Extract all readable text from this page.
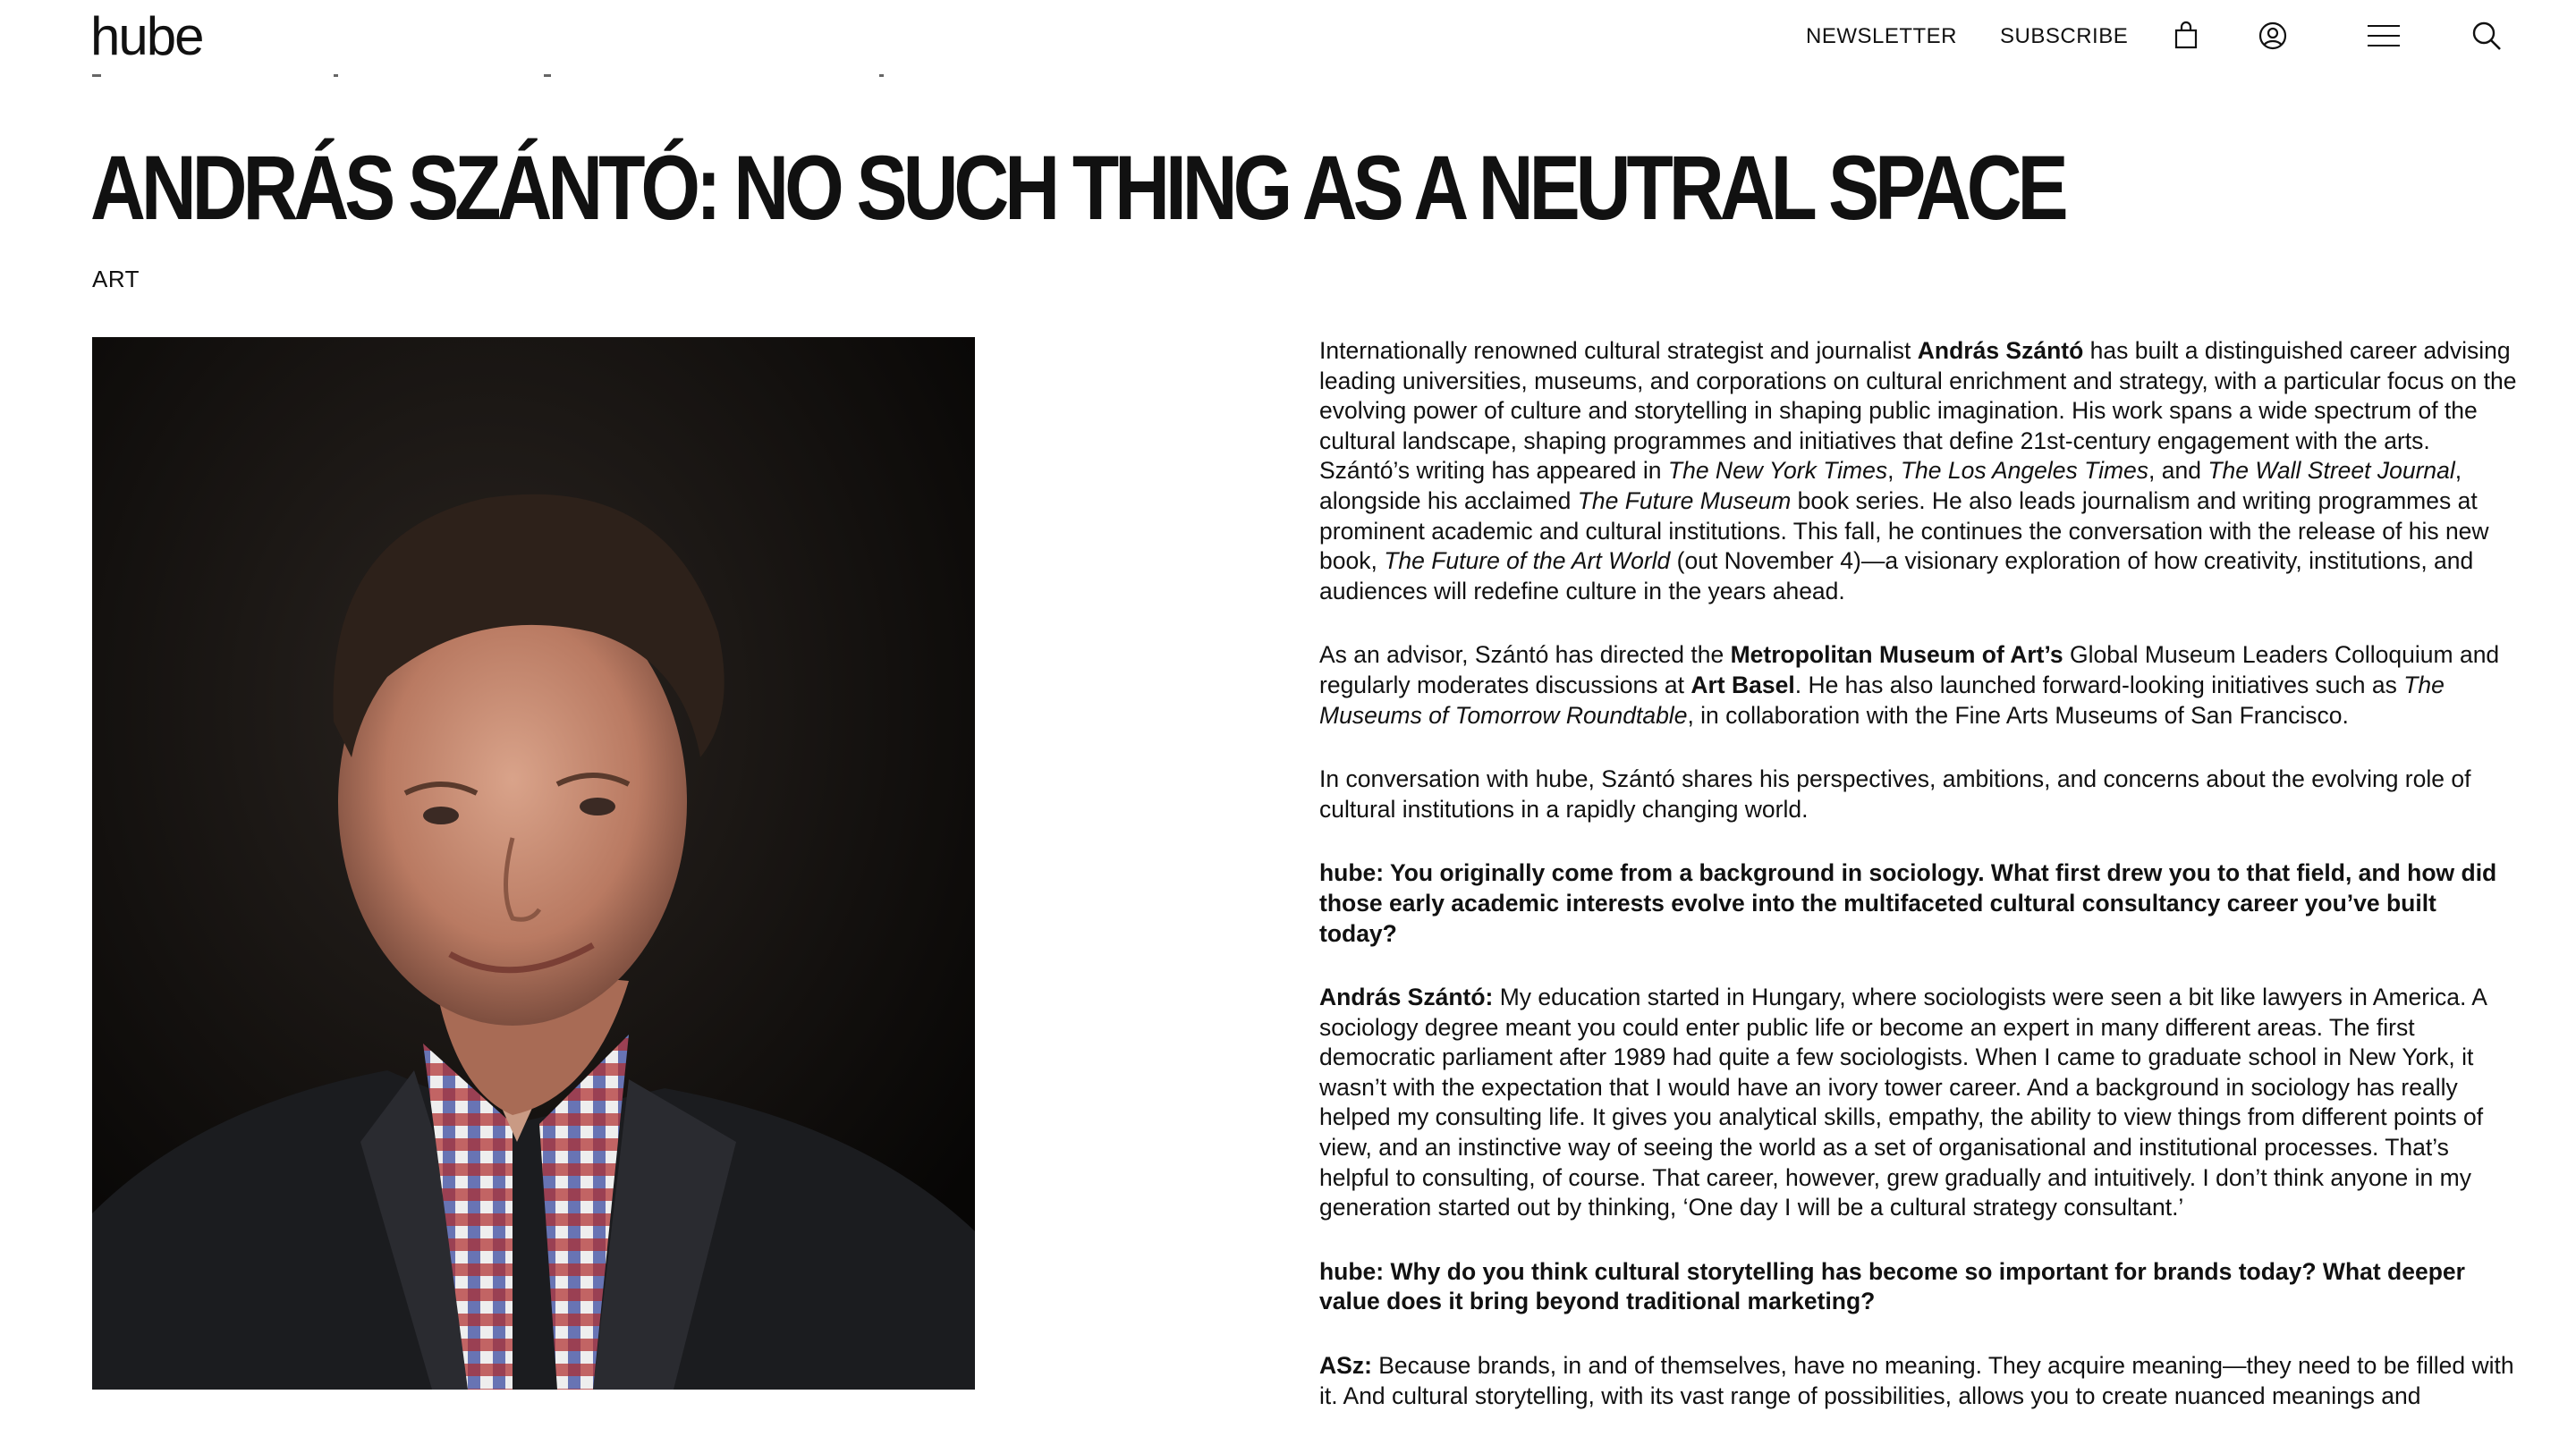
hube	NEWSLETTER SUBSCRIBE
ANDRÁS SZÁNTÓ: NO SUCH THING AS A NEUTRAL SPACE
ART

Internationally renowned cultural strategist and journalist András Szántó has built a distinguished career advising leading universities, museums, and corporations on cultural enrichment and strategy, with a particular focus on the evolving power of culture and storytelling in shaping public imagination. His work spans a wide spectrum of the cultural landscape, shaping programmes and initiatives that define 21st-century engagement with the arts. Szántó’s writing has appeared in The New York Times, The Los Angeles Times, and The Wall Street Journal, alongside his acclaimed The Future Museum book series. He also leads journalism and writing programmes at prominent academic and cultural institutions. This fall, he continues the conversation with the release of his new book, The Future of the Art World (out November 4)—a visionary exploration of how creativity, institutions, and audiences will redefine culture in the years ahead.

As an advisor, Szántó has directed the Metropolitan Museum of Art’s Global Museum Leaders Colloquium and regularly moderates discussions at Art Basel. He has also launched forward-looking initiatives such as The Museums of Tomorrow Roundtable, in collaboration with the Fine Arts Museums of San Francisco.

In conversation with hube, Szántó shares his perspectives, ambitions, and concerns about the evolving role of cultural institutions in a rapidly changing world.

hube: You originally come from a background in sociology. What first drew you to that field, and how did those early academic interests evolve into the multifaceted cultural consultancy career you’ve built today?

András Szántó: My education started in Hungary, where sociologists were seen a bit like lawyers in America. A sociology degree meant you could enter public life or become an expert in many different areas. The first democratic parliament after 1989 had quite a few sociologists. When I came to graduate school in New York, it wasn’t with the expectation that I would have an ivory tower career. And a background in sociology has really helped my consulting life. It gives you analytical skills, empathy, the ability to view things from different points of view, and an instinctive way of seeing the world as a set of organisational and institutional processes. That’s helpful to consulting, of course. That career, however, grew gradually and intuitively. I don’t think anyone in my generation started out by thinking, ‘One day I will be a cultural strategy consultant.’

hube: Why do you think cultural storytelling has become so important for brands today? What deeper value does it bring beyond traditional marketing?

ASz: Because brands, in and of themselves, have no meaning. They acquire meaning—they need to be filled with it. And cultural storytelling, with its vast range of possibilities, allows you to create nuanced meanings and
